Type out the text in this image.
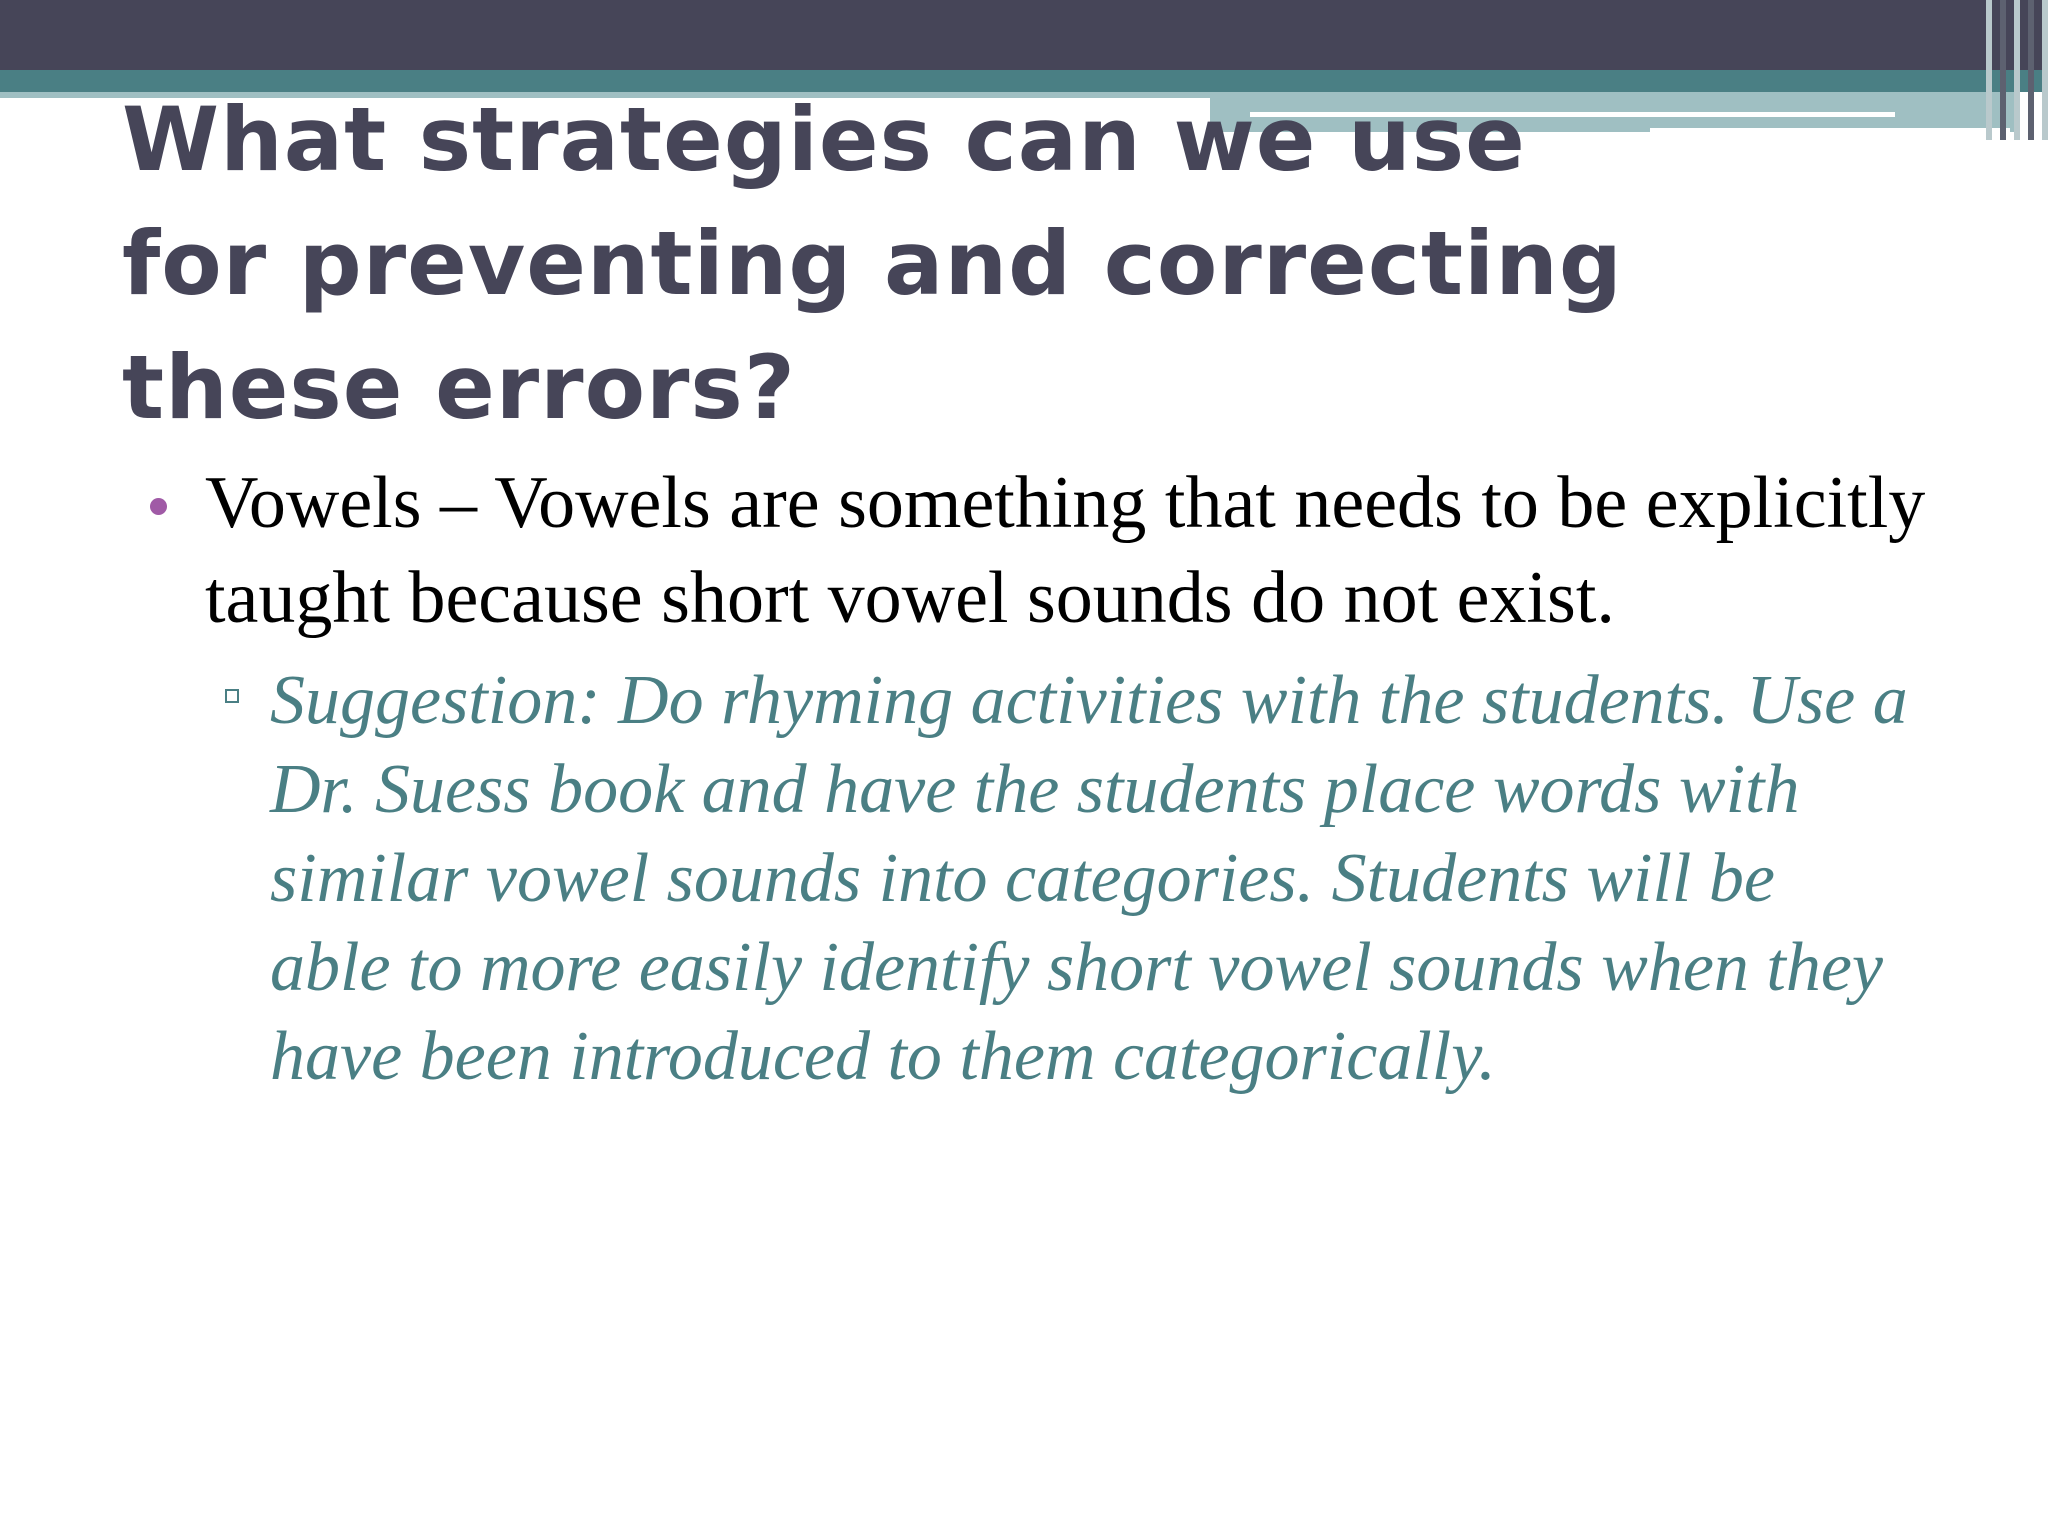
What strategies can we use for preventing and correcting these errors?
Vowels – Vowels are something that needs to be explicitly taught because short vowel sounds do not exist.
Suggestion: Do rhyming activities with the students. Use a Dr. Suess book and have the students place words with similar vowel sounds into categories. Students will be able to more easily identify short vowel sounds when they have been introduced to them categorically.
